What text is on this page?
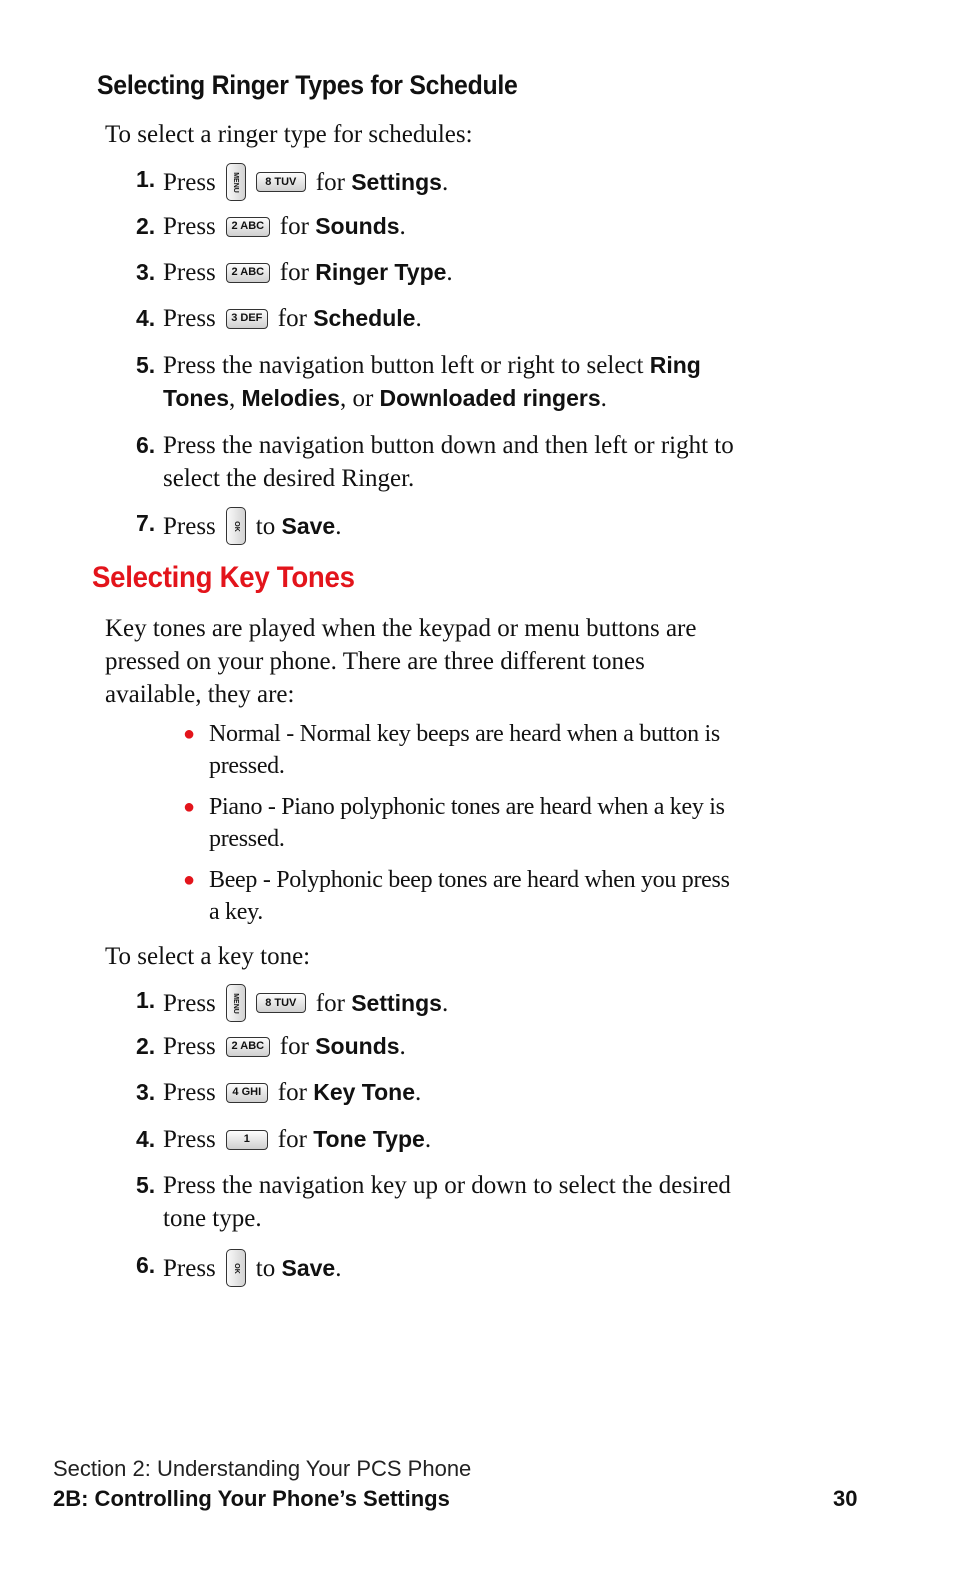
Selecting Ringer Types for Schedule
To select a ringer type for schedules:
1. Press	MENU	8 TUV for
Settings .
2. Press	2 ABC for
Sounds .
3. Press	2 ABC for
Ringer Type .
4. Press	3 DEF for
Schedule .
5. Press the navigation button left or right to select Ring
Tones, Melodies, or Downloaded ringers.
6. Press the navigation button down and then left or right to
select the desired Ringer.
7. Press	OK to
Save .
Selecting Key Tones
Key tones are played when the keypad or menu buttons are
pressed on your phone. There are three different tones
available, they are:
● Normal - Normal key beeps are heard when a button is
pressed.
● Piano - Piano polyphonic tones are heard when a key is
pressed.
● Beep - Polyphonic beep tones are heard when you press
a key.
To select a key tone:
1. Press	MENU	8 TUV for
Settings .
2. Press	2 ABC for
Sounds .
3. Press	4 GHI for
Key Tone .
4. Press	1	for
Tone Type .
5. Press the navigation key up or down to select the desired
tone type.
6. Press	OK to
Save .
Section 2: Understanding Your PCS Phone
2B: Controlling Your Phone’s Settings	30
